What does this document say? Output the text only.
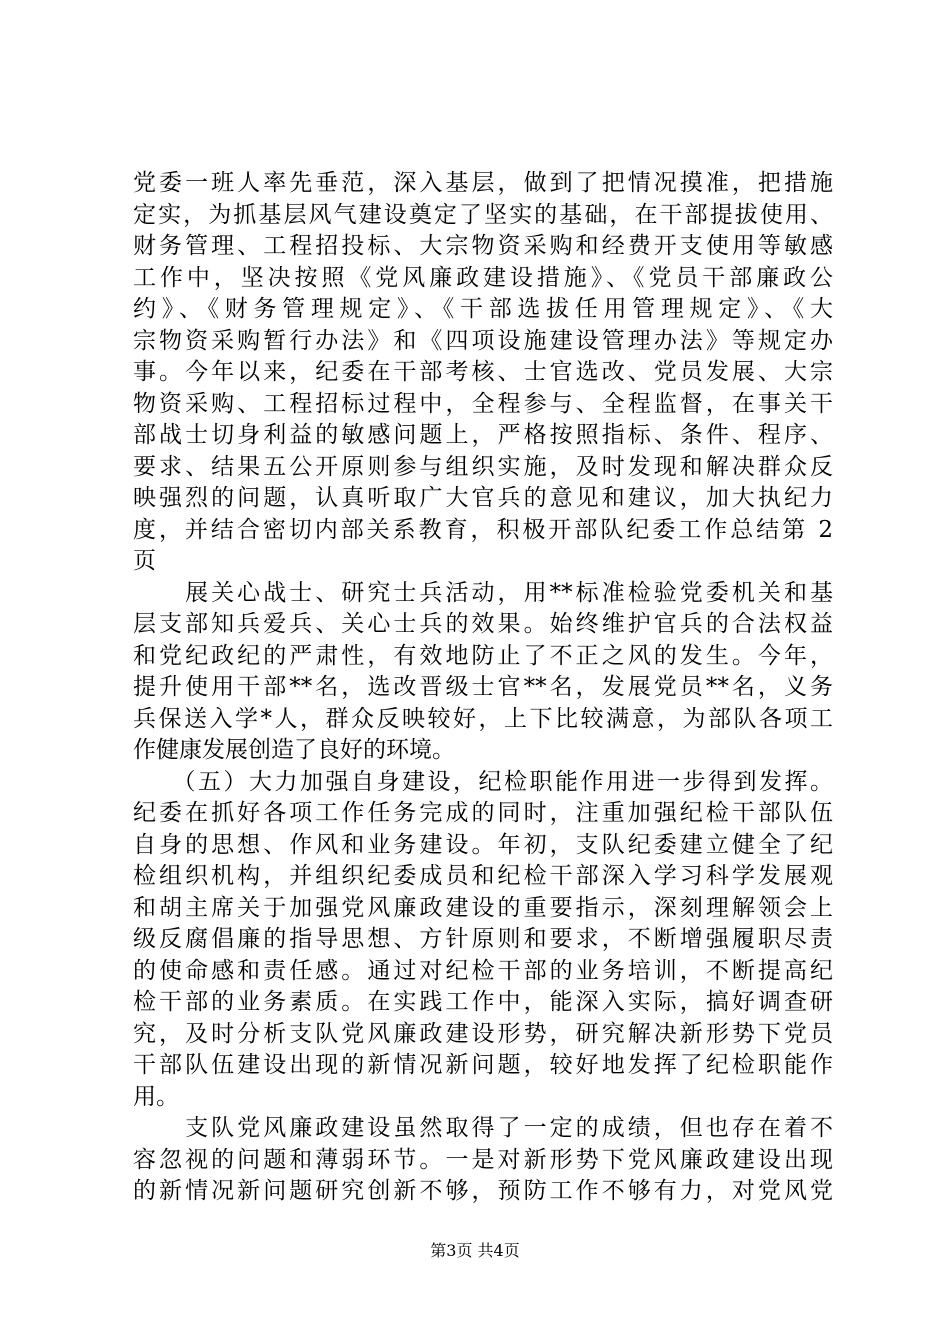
党委一班人率先垂范，深入基层，做到了把情况摸准，把措施
定实，为抓基层风气建设奠定了坚实的基础，在干部提拔使用、
财务管理、工程招投标、大宗物资采购和经费开支使用等敏感
工作中，坚决按照《党风廉政建设措施》、《党员干部廉政公
约》、《财务管理规定》、《干部选拔任用管理规定》、《大
宗物资采购暂行办法》和《四项设施建设管理办法》等规定办
事。今年以来，纪委在干部考核、士官选改、党员发展、大宗
物资采购、工程招标过程中，全程参与、全程监督，在事关干
部战士切身利益的敏感问题上，严格按照指标、条件、程序、
要求、结果五公开原则参与组织实施，及时发现和解决群众反
映强烈的问题，认真听取广大官兵的意见和建议，加大执纪力
度，并结合密切内部关系教育，积极开部队纪委工作总结第 2
页
　　展关心战士、研究士兵活动，用**标准检验党委机关和基
层支部知兵爱兵、关心士兵的效果。始终维护官兵的合法权益
和党纪政纪的严肃性，有效地防止了不正之风的发生。今年，
提升使用干部**名，选改晋级士官**名，发展党员**名，义务
兵保送入学*人，群众反映较好，上下比较满意，为部队各项工
作健康发展创造了良好的环境。
　　（五）大力加强自身建设，纪检职能作用进一步得到发挥。
纪委在抓好各项工作任务完成的同时，注重加强纪检干部队伍
自身的思想、作风和业务建设。年初，支队纪委建立健全了纪
检组织机构，并组织纪委成员和纪检干部深入学习科学发展观
和胡主席关于加强党风廉政建设的重要指示，深刻理解领会上
级反腐倡廉的指导思想、方针原则和要求，不断增强履职尽责
的使命感和责任感。通过对纪检干部的业务培训，不断提高纪
检干部的业务素质。在实践工作中，能深入实际，搞好调查研
究，及时分析支队党风廉政建设形势，研究解决新形势下党员
干部队伍建设出现的新情况新问题，较好地发挥了纪检职能作
用。
　　支队党风廉政建设虽然取得了一定的成绩，但也存在着不
容忽视的问题和薄弱环节。一是对新形势下党风廉政建设出现
的新情况新问题研究创新不够，预防工作不够有力，对党风党
第3页 共4页
